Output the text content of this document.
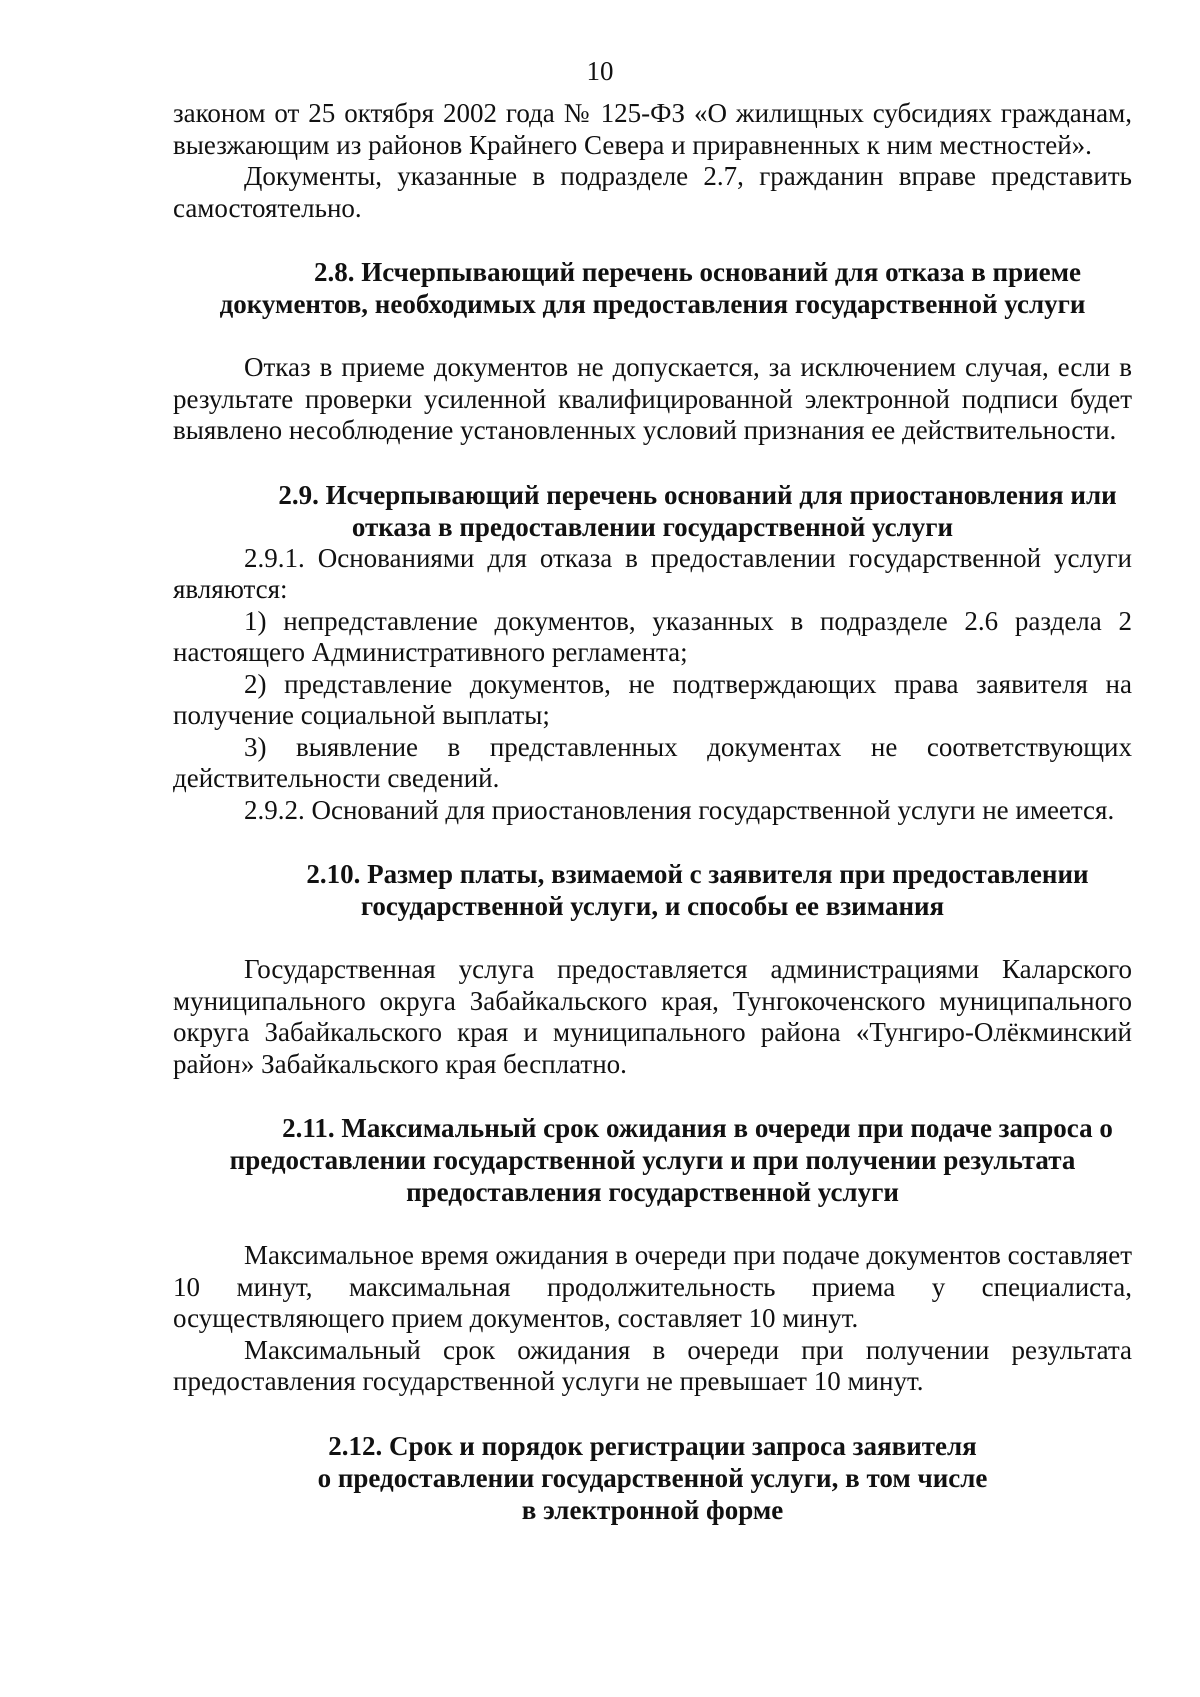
10

законом от 25 октября 2002 года № 125-ФЗ «О жилищных субсидиях гражданам, выезжающим из районов Крайнего Севера и приравненных к ним местностей».

Документы, указанные в подразделе 2.7, гражданин вправе представить самостоятельно.

2.8. Исчерпывающий перечень оснований для отказа в приеме документов, необходимых для предоставления государственной услуги

Отказ в приеме документов не допускается, за исключением случая, если в результате проверки усиленной квалифицированной электронной подписи будет выявлено несоблюдение установленных условий признания ее действительности.

2.9. Исчерпывающий перечень оснований для приостановления или отказа в предоставлении государственной услуги

2.9.1. Основаниями для отказа в предоставлении государственной услуги являются:

1) непредставление документов, указанных в подразделе 2.6 раздела 2 настоящего Административного регламента;

2) представление документов, не подтверждающих права заявителя на получение социальной выплаты;

3) выявление в представленных документах не соответствующих действительности сведений.

2.9.2. Оснований для приостановления государственной услуги не имеется.

2.10. Размер платы, взимаемой с заявителя при предоставлении государственной услуги, и способы ее взимания

Государственная услуга предоставляется администрациями Каларского муниципального округа Забайкальского края, Тунгокоченского муниципального округа Забайкальского края и муниципального района «Тунгиро-Олёкминский район» Забайкальского края бесплатно.

2.11. Максимальный срок ожидания в очереди при подаче запроса о предоставлении государственной услуги и при получении результата предоставления государственной услуги

Максимальное время ожидания в очереди при подаче документов составляет 10 минут, максимальная продолжительность приема у специалиста, осуществляющего прием документов, составляет 10 минут.

Максимальный срок ожидания в очереди при получении результата предоставления государственной услуги не превышает 10 минут.

2.12. Срок и порядок регистрации запроса заявителя

о предоставлении государственной услуги, в том числе

в электронной форме
